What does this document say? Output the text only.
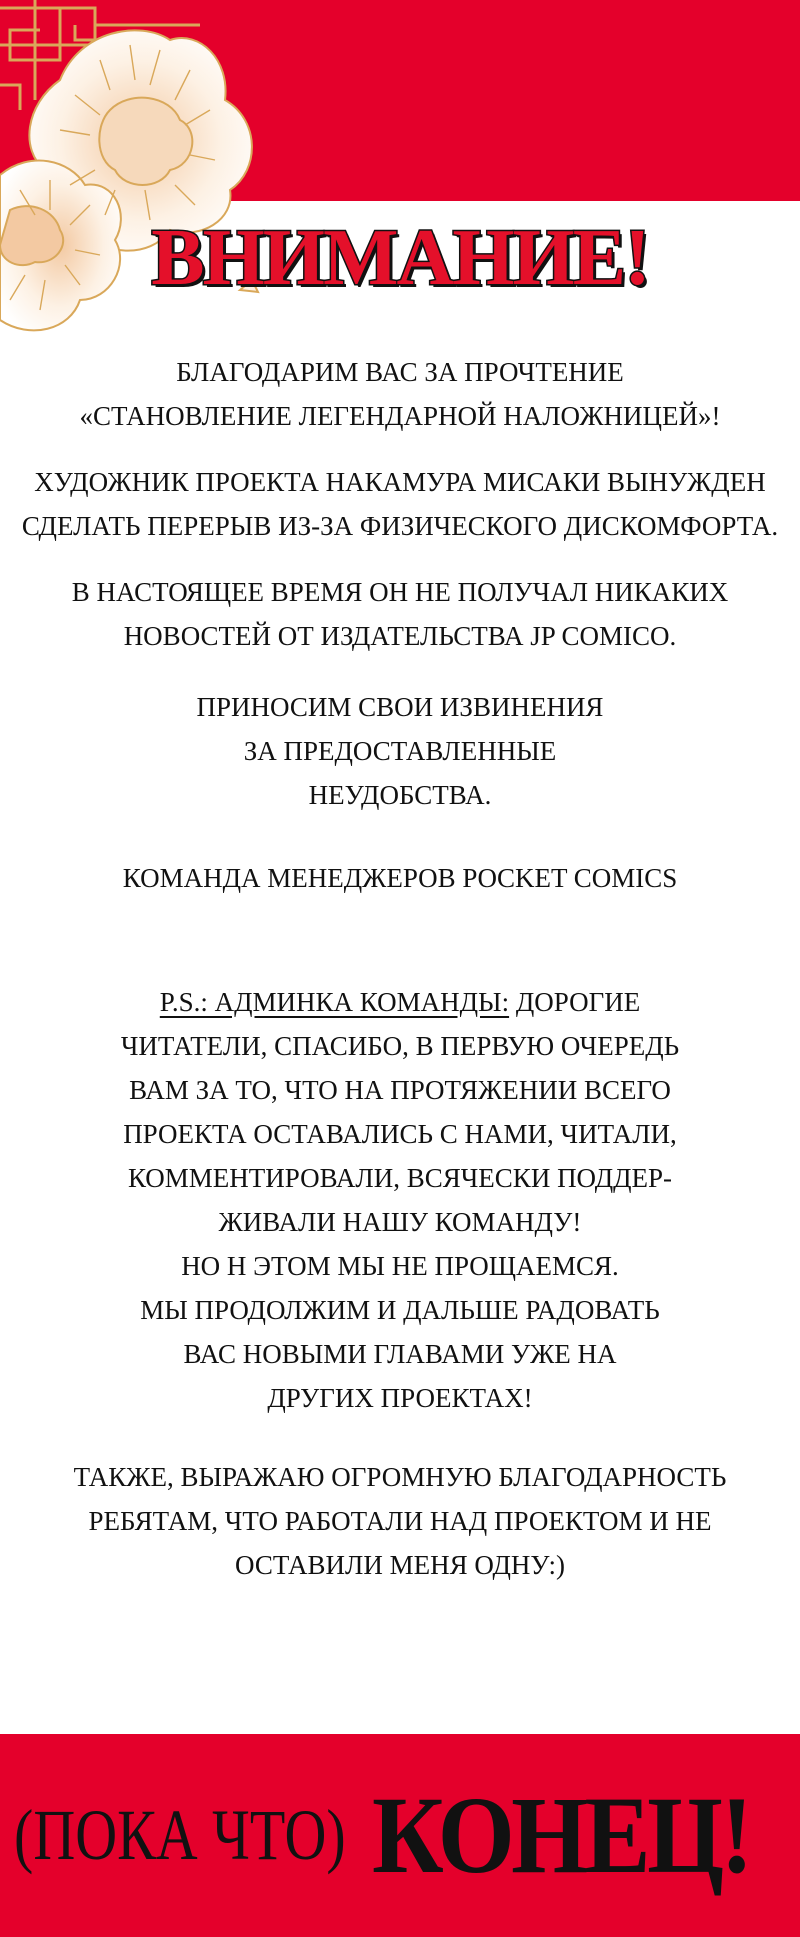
ВНИМАНИЕ!
БЛАГОДАРИМ ВАС ЗА ПРОЧТЕНИЕ
«СТАНОВЛЕНИЕ ЛЕГЕНДАРНОЙ НАЛОЖНИЦЕЙ»!
ХУДОЖНИК ПРОЕКТА НАКАМУРА МИСАКИ ВЫНУЖДЕН
СДЕЛАТЬ ПЕРЕРЫВ ИЗ-ЗА ФИЗИЧЕСКОГО ДИСКОМФОРТА.
В НАСТОЯЩЕЕ ВРЕМЯ ОН НЕ ПОЛУЧАЛ НИКАКИХ
НОВОСТЕЙ ОТ ИЗДАТЕЛЬСТВА JP COMICO.
ПРИНОСИМ СВОИ ИЗВИНЕНИЯ
ЗА ПРЕДОСТАВЛЕННЫЕ
НЕУДОБСТВА.
КОМАНДА МЕНЕДЖЕРОВ POCKET COMICS
P.S.: АДМИНКА КОМАНДЫ: ДОРОГИЕ
ЧИТАТЕЛИ, СПАСИБО, В ПЕРВУЮ ОЧЕРЕДЬ
ВАМ ЗА ТО, ЧТО НА ПРОТЯЖЕНИИ ВСЕГО
ПРОЕКТА ОСТАВАЛИСЬ С НАМИ, ЧИТАЛИ,
КОММЕНТИРОВАЛИ, ВСЯЧЕСКИ ПОДДЕР-
ЖИВАЛИ НАШУ КОМАНДУ!
НО Н ЭТОМ МЫ НЕ ПРОЩАЕМСЯ.
МЫ ПРОДОЛЖИМ И ДАЛЬШЕ РАДОВАТЬ
ВАС НОВЫМИ ГЛАВАМИ УЖЕ НА
ДРУГИХ ПРОЕКТАХ!
ТАКЖЕ, ВЫРАЖАЮ ОГРОМНУЮ БЛАГОДАРНОСТЬ
РЕБЯТАМ, ЧТО РАБОТАЛИ НАД ПРОЕКТОМ И НЕ
ОСТАВИЛИ МЕНЯ ОДНУ:)
(ПОКА ЧТО) КОНЕЦ!
